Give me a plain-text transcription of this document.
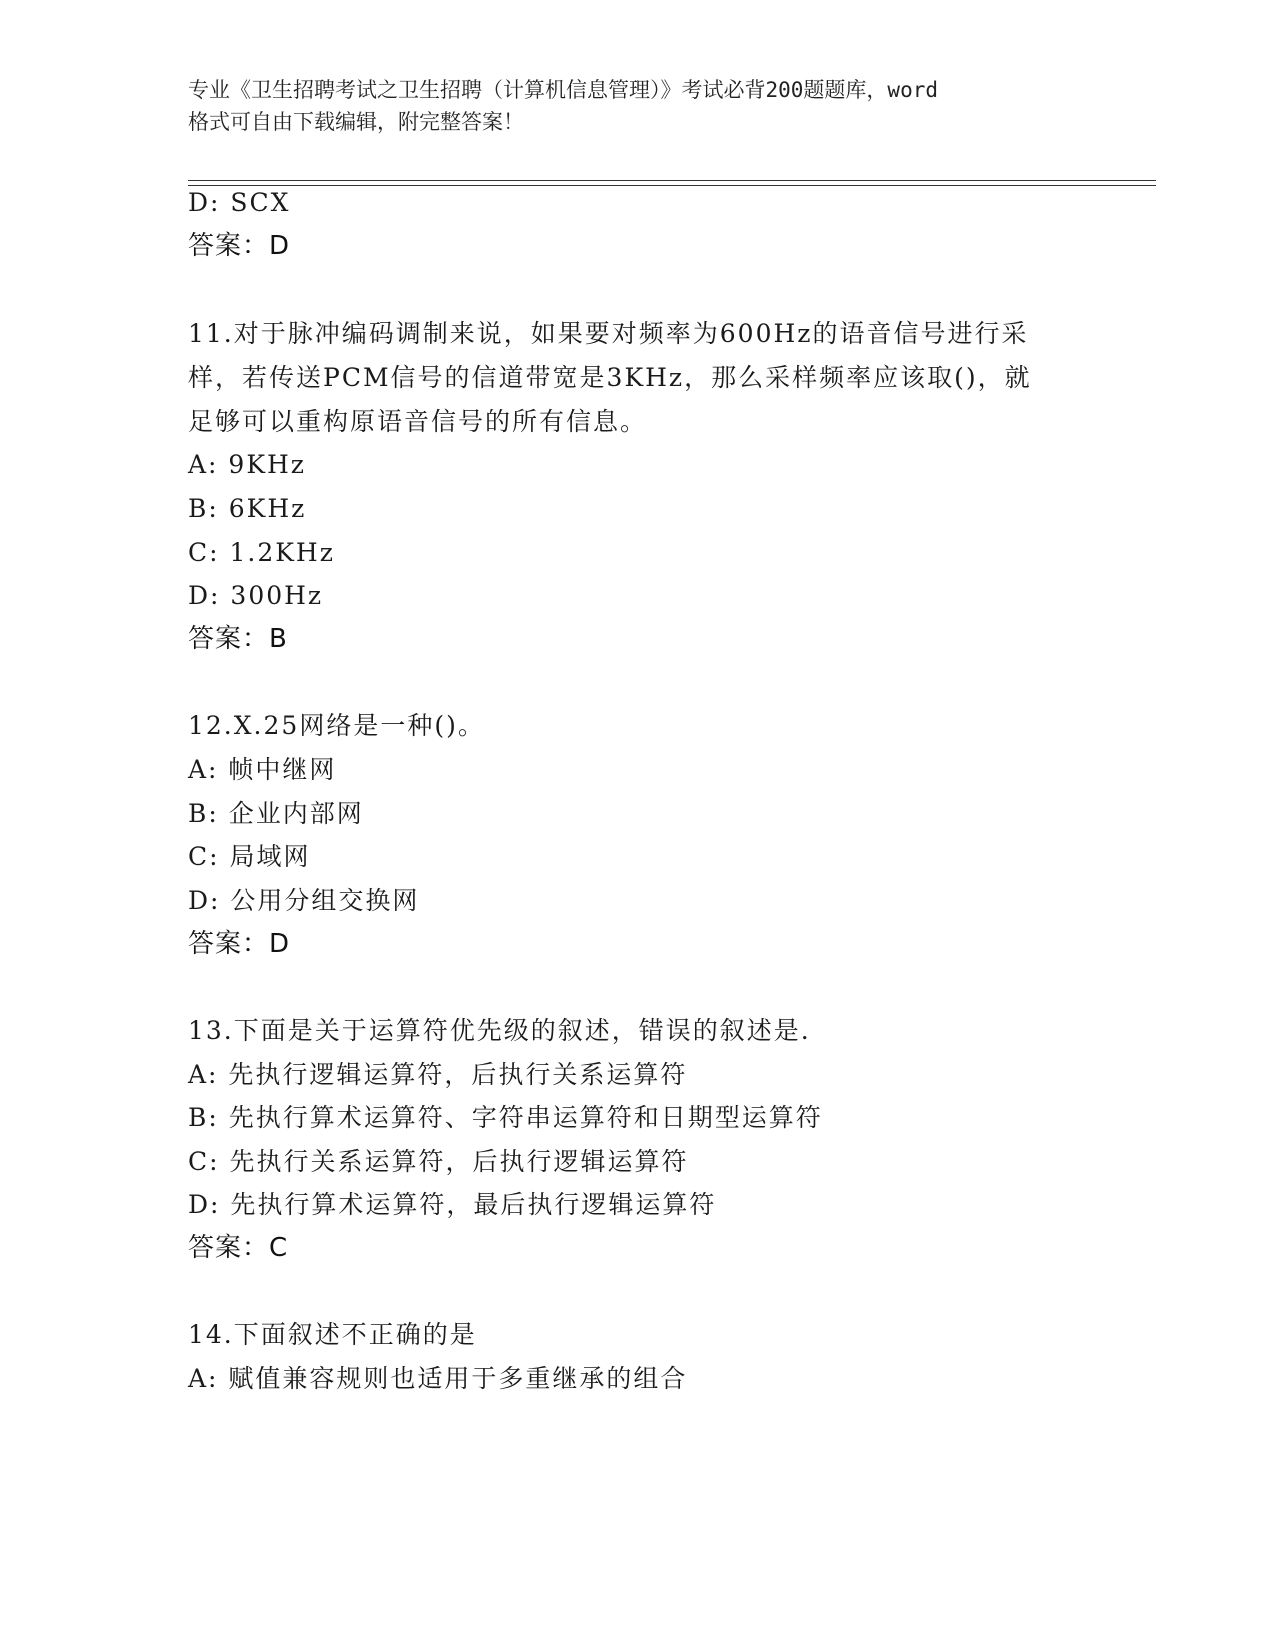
专业《卫生招聘考试之卫生招聘（计算机信息管理）》考试必背200题题库，word
格式可自由下载编辑，附完整答案！
D: SCX
答案：D
11.对于脉冲编码调制来说，如果要对频率为600Hz的语音信号进行采
样，若传送PCM信号的信道带宽是3KHz，那么采样频率应该取()，就
足够可以重构原语音信号的所有信息。
A: 9KHz
B: 6KHz
C: 1.2KHz
D: 300Hz
答案：B
12.X.25网络是一种()。
A: 帧中继网
B: 企业内部网
C: 局域网
D: 公用分组交换网
答案：D
13.下面是关于运算符优先级的叙述，错误的叙述是.
A: 先执行逻辑运算符，后执行关系运算符
B: 先执行算术运算符、字符串运算符和日期型运算符
C: 先执行关系运算符，后执行逻辑运算符
D: 先执行算术运算符，最后执行逻辑运算符
答案：C
14.下面叙述不正确的是
A: 赋值兼容规则也适用于多重继承的组合
